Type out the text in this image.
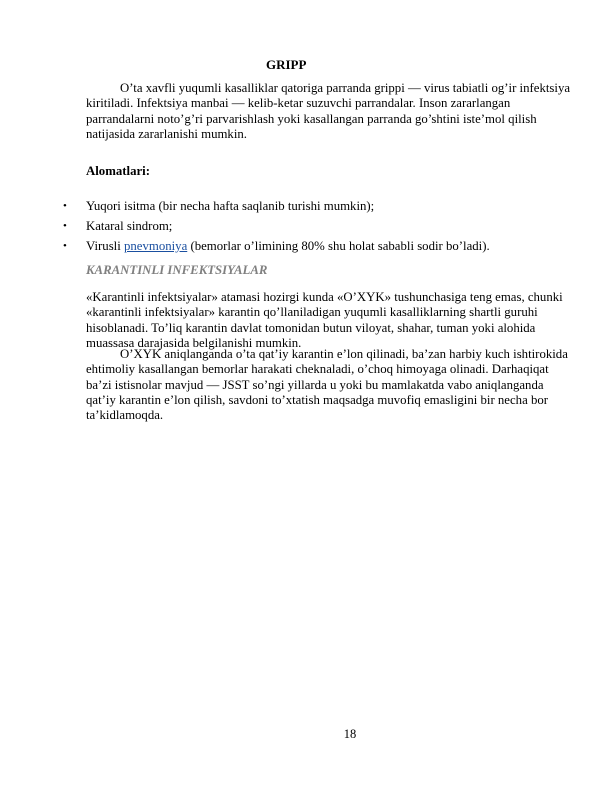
GRIPP

O’ta xavfli yuqumli kasalliklar qatoriga parranda grippi — virus tabiatli og’ir infektsiya kiritiladi. Infektsiya manbai — kelib-ketar suzuvchi parrandalar. Inson zararlangan parrandalarni noto’g’ri parvarishlash yoki kasallangan parranda go’shtini iste’mol qilish natijasida zararlanishi mumkin.

Alomatlari:

• Yuqori isitma (bir necha hafta saqlanib turishi mumkin);
• Kataral sindrom;
• Virusli pnevmoniya (bemorlar o’limining 80% shu holat sababli sodir bo’ladi).

KARANTINLI INFEKTSIYALAR

«Karantinli infektsiyalar» atamasi hozirgi kunda «O’XYK» tushunchasiga teng emas, chunki «karantinli infektsiyalar» karantin qo’llaniladigan yuqumli kasalliklarning shartli guruhi hisoblanadi. To’liq karantin davlat tomonidan butun viloyat, shahar, tuman yoki alohida muassasa darajasida belgilanishi mumkin.

O’XYK aniqlanganda o’ta qat’iy karantin e’lon qilinadi, ba’zan harbiy kuch ishtirokida ehtimoliy kasallangan bemorlar harakati cheknaladi, o’choq himoyaga olinadi. Darhaqiqat ba’zi istisnolar mavjud — JSST so’ngi yillarda u yoki bu mamlakatda vabo aniqlanganda qat’iy karantin e’lon qilish, savdoni to’xtatish maqsadga muvofiq emasligini bir necha bor ta’kidlamoqda.

18
